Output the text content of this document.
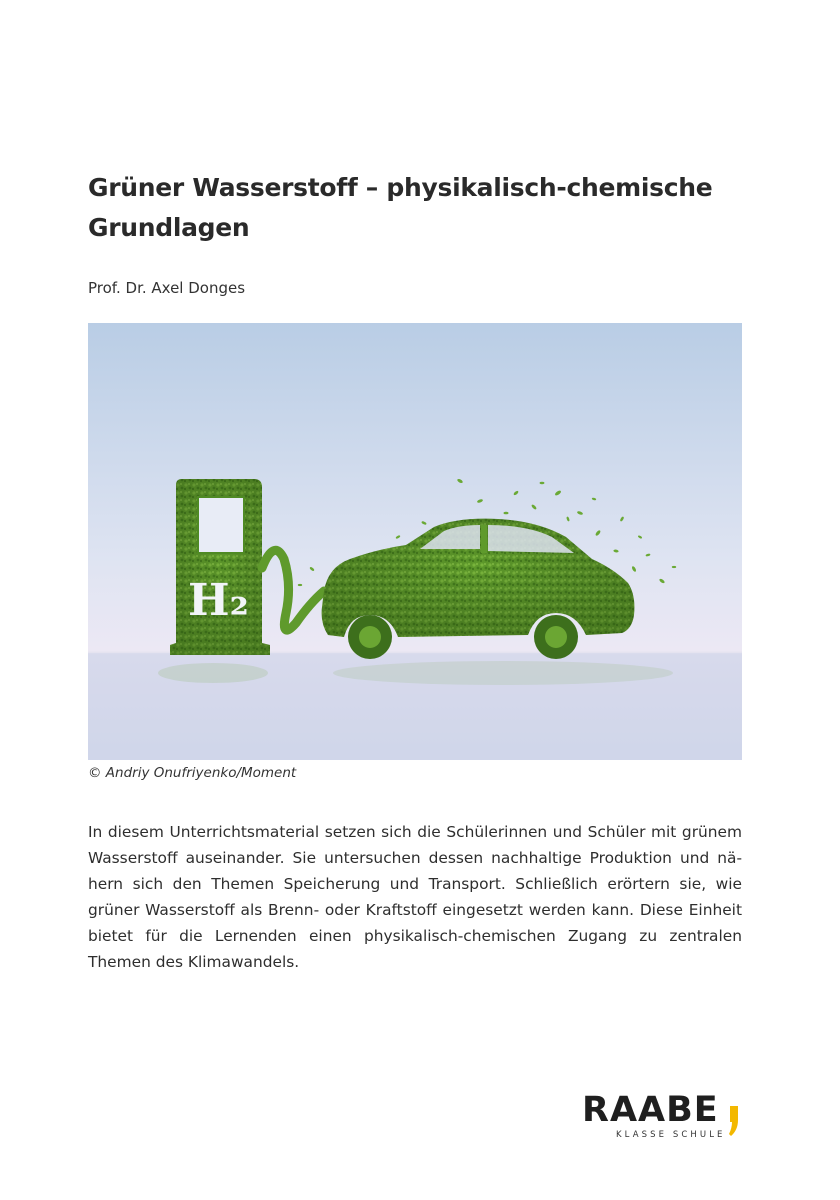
Grüner Wasserstoff – physikalisch-chemische
Grundlagen
Prof. Dr. Axel Donges
H₂
© Andriy Onufriyenko/Moment

In diesem Unterrichtsmaterial setzen sich die Schülerinnen und Schüler mit grünem Wasserstoff auseinander. Sie untersuchen dessen nachhaltige Produktion und nähern sich den Themen Speicherung und Transport. Schließlich erörtern sie, wie grüner Wasserstoff als Brenn- oder Kraftstoff eingesetzt werden kann. Diese Einheit bietet für die Lernenden einen physikalisch-chemischen Zugang zu zentralen Themen des Klimawandels.

RAABE
KLASSE SCHULE
